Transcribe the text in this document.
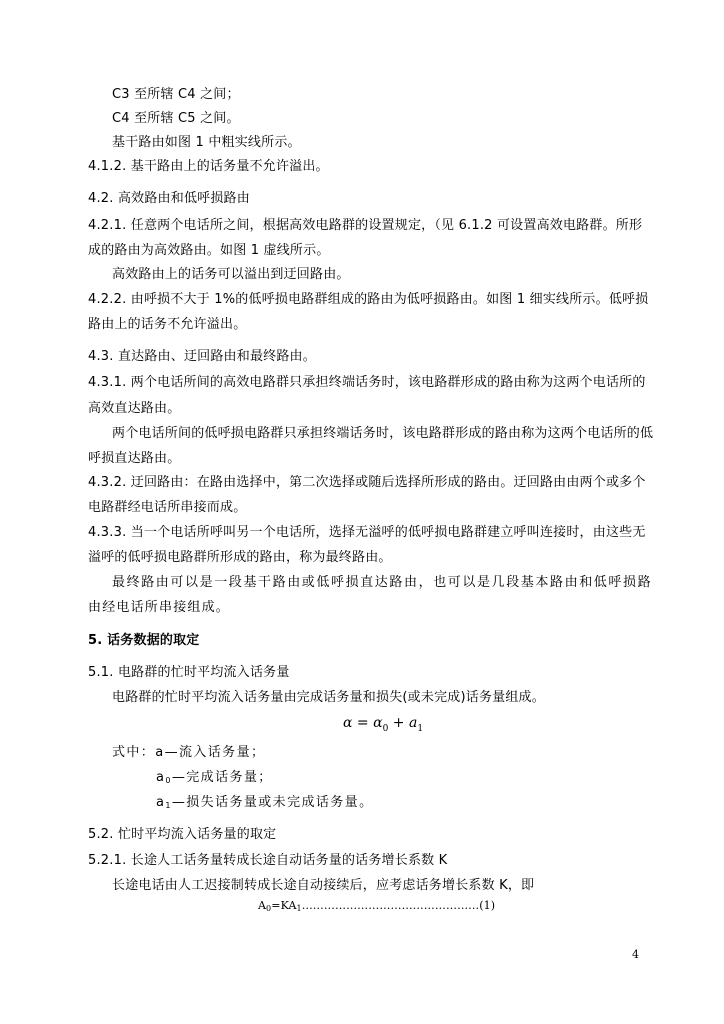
C3 至所辖 C4 之间；
C4 至所辖 C5 之间。
基干路由如图 1 中粗实线所示。
4.1.2. 基干路由上的话务量不允许溢出。
4.2. 高效路由和低呼损路由
4.2.1. 任意两个电话所之间，根据高效电路群的设置规定，（见 6.1.2 可设置高效电路群。所形
成的路由为高效路由。如图 1 虚线所示。
高效路由上的话务可以溢出到迂回路由。
4.2.2. 由呼损不大于 1%的低呼损电路群组成的路由为低呼损路由。如图 1 细实线所示。低呼损
路由上的话务不允许溢出。
4.3. 直达路由、迂回路由和最终路由。
4.3.1. 两个电话所间的高效电路群只承担终端话务时，该电路群形成的路由称为这两个电话所的
高效直达路由。
两个电话所间的低呼损电路群只承担终端话务时，该电路群形成的路由称为这两个电话所的低
呼损直达路由。
4.3.2. 迂回路由：在路由选择中，第二次选择或随后选择所形成的路由。迂回路由由两个或多个
电路群经电话所串接而成。
4.3.3. 当一个电话所呼叫另一个电话所，选择无溢呼的低呼损电路群建立呼叫连接时，由这些无
溢呼的低呼损电路群所形成的路由，称为最终路由。
最终路由可以是一段基干路由或低呼损直达路由，也可以是几段基本路由和低呼损路
由经电话所串接组成。
5. 话务数据的取定
5.1. 电路群的忙时平均流入话务量
电路群的忙时平均流入话务量由完成话务量和损失(或未完成)话务量组成。
$\alpha = \alpha_0 + a_1$
式中：a—流入话务量；
a0—完成话务量；
a1—损失话务量或未完成话务量。
5.2. 忙时平均流入话务量的取定
5.2.1. 长途人工话务量转成长途自动话务量的话务增长系数 K
长途电话由人工迟接制转成长途自动接续后，应考虑话务增长系数 K，即
A0=KA1…………………………………………(1)
4
